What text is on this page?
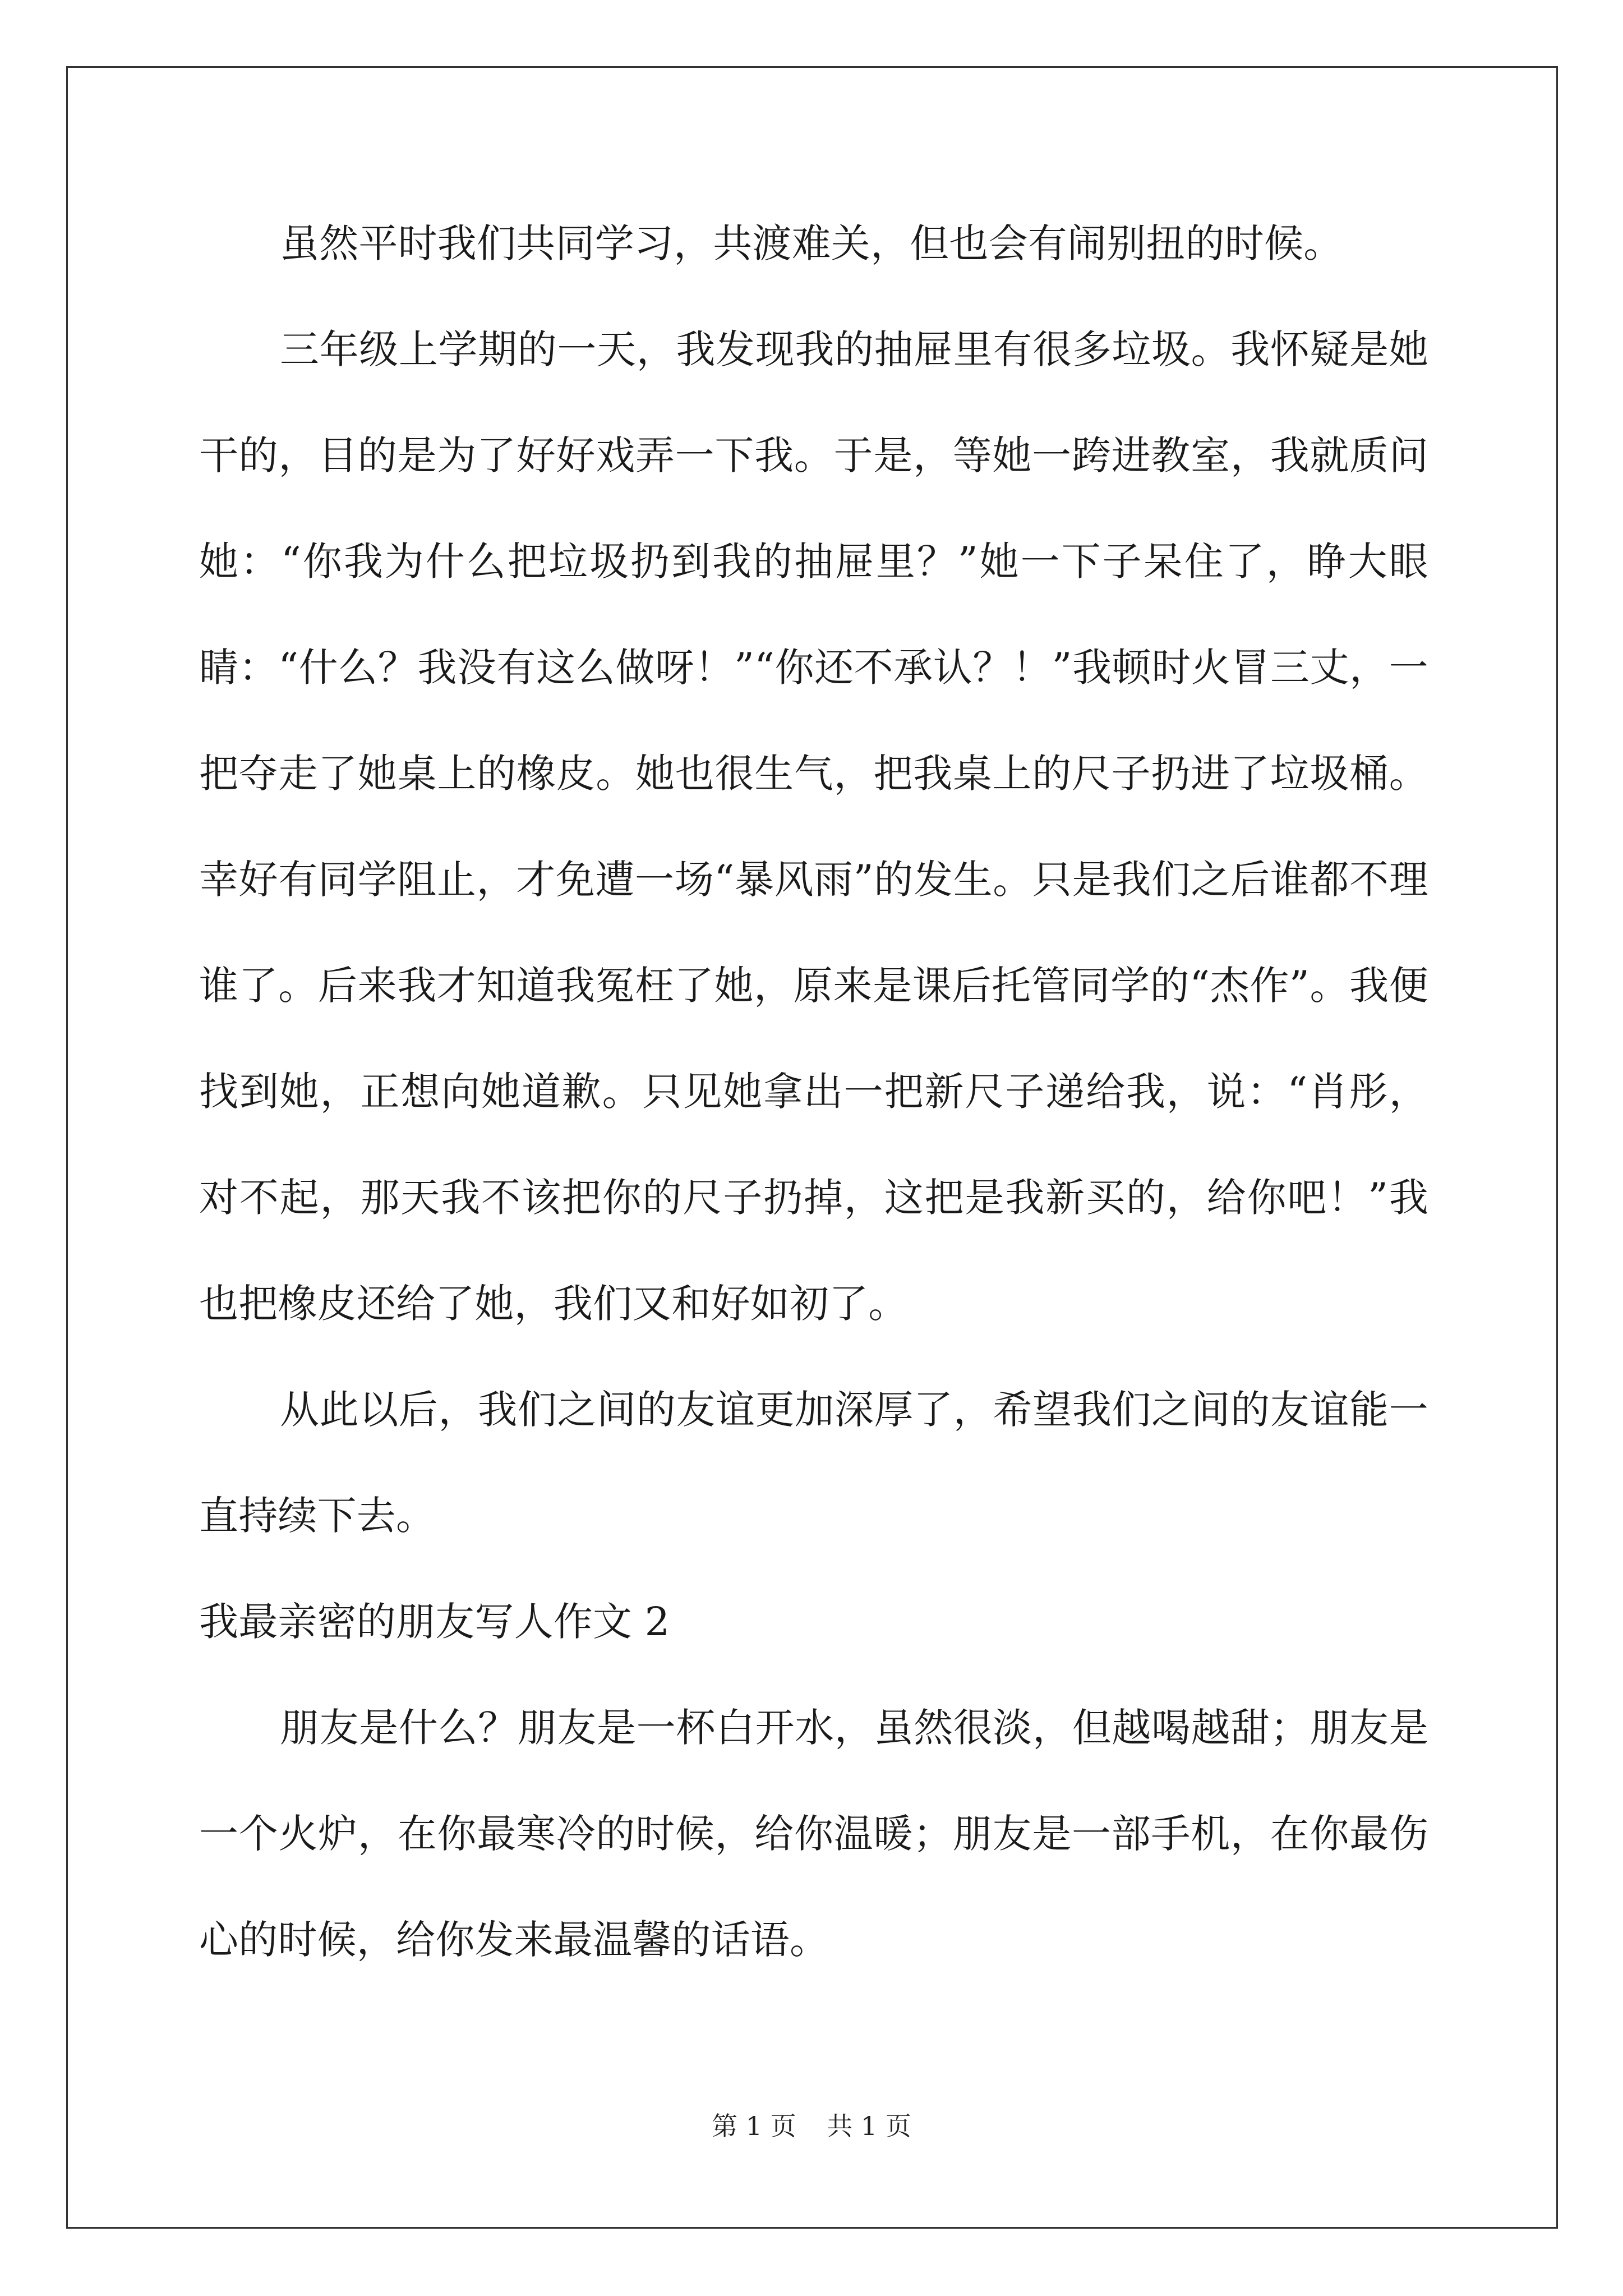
虽然平时我们共同学习，共渡难关，但也会有闹别扭的时候。

三年级上学期的一天，我发现我的抽屉里有很多垃圾。我怀疑是她干的，目的是为了好好戏弄一下我。于是，等她一跨进教室，我就质问她：“你我为什么把垃圾扔到我的抽屉里？”她一下子呆住了，睁大眼睛：“什么？我没有这么做呀！”“你还不承认？！”我顿时火冒三丈，一把夺走了她桌上的橡皮。她也很生气，把我桌上的尺子扔进了垃圾桶。幸好有同学阻止，才免遭一场“暴风雨”的发生。只是我们之后谁都不理谁了。后来我才知道我冤枉了她，原来是课后托管同学的“杰作”。我便找到她，正想向她道歉。只见她拿出一把新尺子递给我，说：“肖彤，对不起，那天我不该把你的尺子扔掉，这把是我新买的，给你吧！”我也把橡皮还给了她，我们又和好如初了。

从此以后，我们之间的友谊更加深厚了，希望我们之间的友谊能一直持续下去。

我最亲密的朋友写人作文 2

朋友是什么？朋友是一杯白开水，虽然很淡，但越喝越甜；朋友是一个火炉，在你最寒冷的时候，给你温暖；朋友是一部手机，在你最伤心的时候，给你发来最温馨的话语。

第 1 页 共 1 页
